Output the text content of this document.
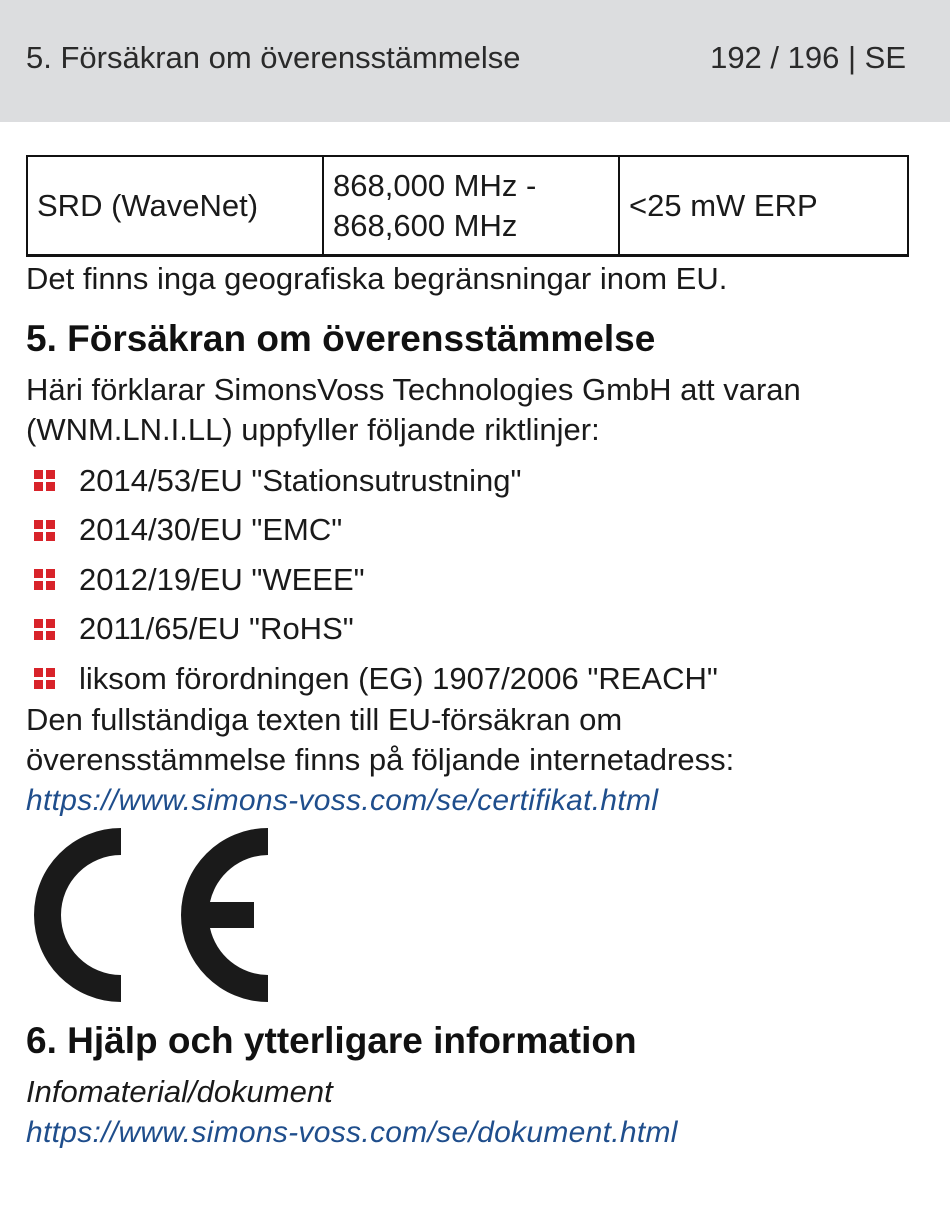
5. Försäkran om överensstämmelse	192 / 196 | SE
SRD (WaveNet)	868,000 MHz - 868,600 MHz	<25 mW ERP

Det finns inga geografiska begränsningar inom EU.

5. Försäkran om överensstämmelse

Häri förklarar SimonsVoss Technologies GmbH att varan

(WNM.LN.I.LL) uppfyller följande riktlinjer:

2014/53/EU "Stationsutrustning"
2014/30/EU "EMC"
2012/19/EU "WEEE"
2011/65/EU "RoHS"
liksom förordningen (EG) 1907/2006 "REACH"

Den fullständiga texten till EU-försäkran om

överensstämmelse finns på följande internetadress:

https://www.simons-voss.com/se/certifikat.html
6. Hjälp och ytterligare information

Infomaterial/dokument

https://www.simons-voss.com/se/dokument.html
